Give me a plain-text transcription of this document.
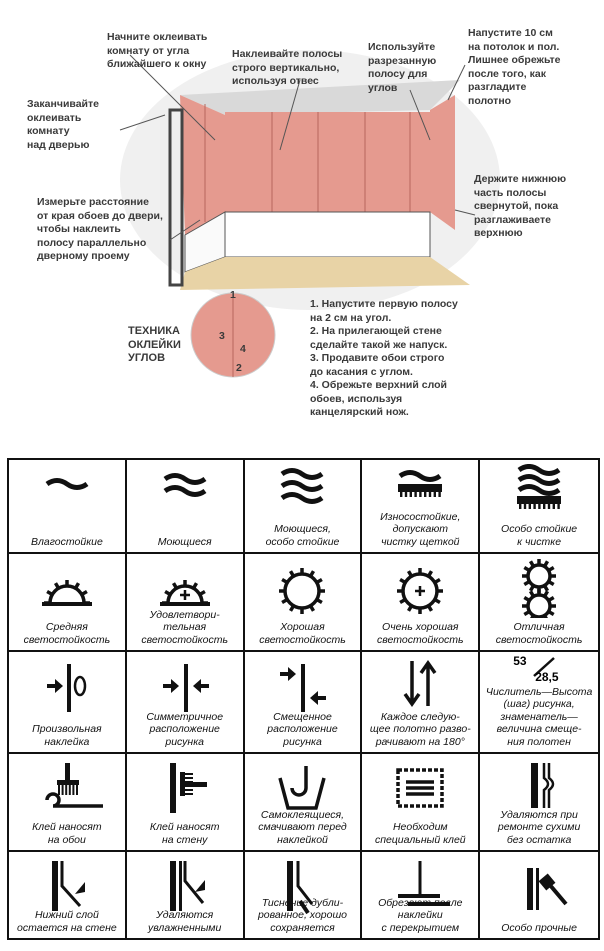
Начните оклеивать
комнату от угла
ближайшего к окну
Наклеивайте полосы
строго вертикально,
используя отвес
Используйте
разрезанную
полосу для
углов
Напустите 10 см
на потолок и пол.
Лишнее обрежьте
после того, как
разгладите
полотно
Заканчивайте
оклеивать
комнату
над дверью
Измерьте расстояние
от края обоев до двери,
чтобы наклеить
полосу параллельно
дверному проему
Держите нижнюю
часть полосы
свернутой, пока
разглаживаете
верхнюю
ТЕХНИКА
ОКЛЕЙКИ
УГЛОВ
1
2
3
4
1. Напустите первую полосу
на 2 см на угол.
2. На прилегающей стене
сделайте такой же напуск.
3. Продавите обои строго
до касания с углом.
4. Обрежьте верхний слой
обоев, используя
канцелярский нож.
Влагостойкие	Моющиеся
Моющиеся,
особо стойкие
Износостойкие,
допускают
чистку щеткой
Особо стойкие
к чистке
Средняя
светостойкость
Удовлетвори-
тельная
светостойкость
Хорошая
светостойкость
Очень хорошая
светостойкость
Отличная
светостойкость
Произвольная
наклейка
Симметричное
расположение
рисунка
Смещенное
расположение
рисунка
Каждое следую-
щее полотно разво-
рачивают на 180°
53
28,5
Числитель—Высота
(шаг) рисунка,
знаменатель—
величина смеще-
ния полотен
Клей наносят
на обои
Клей наносят
на стену
Самоклеящиеся,
смачивают перед
наклейкой
Необходим
специальный клей
Удаляются при
ремонте сухими
без остатка
Нижний слой
остается на стене
Удаляются
увлажненными
Тиснение дубли-
рованное, хорошо
сохраняется
Обрезают после
наклейки
с перекрытием	Особо прочные
